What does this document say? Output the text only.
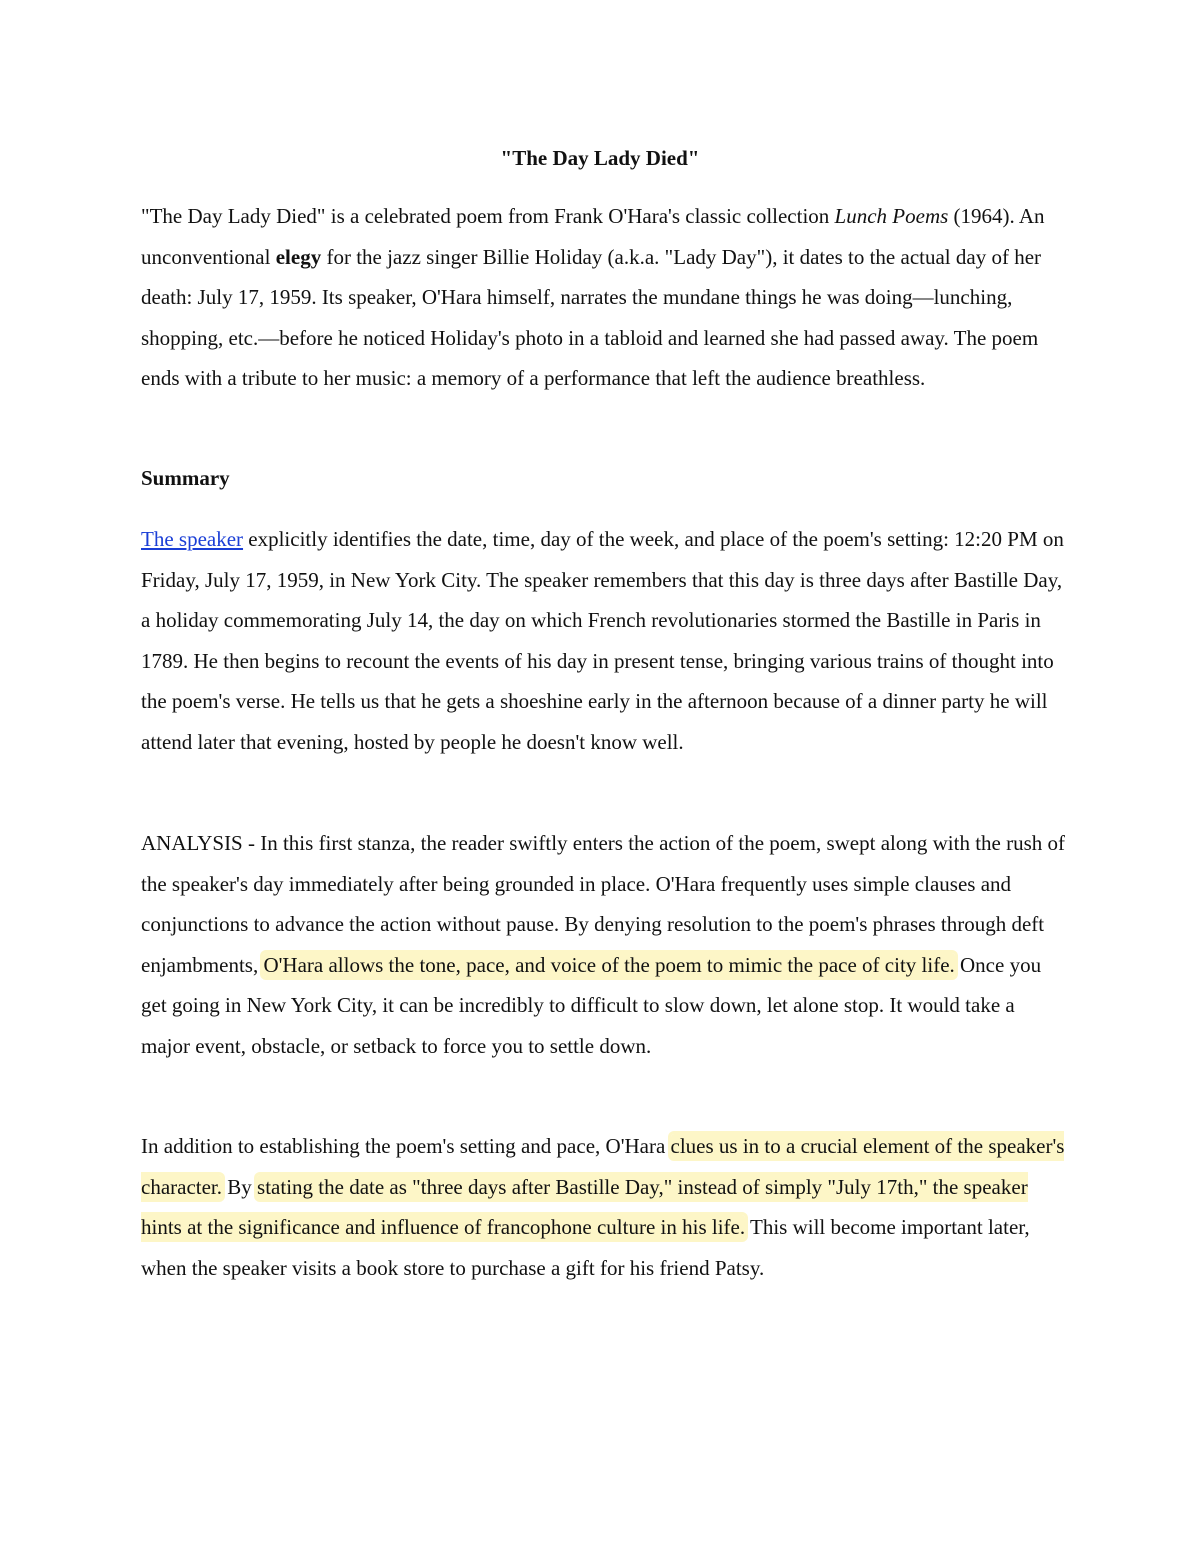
"The Day Lady Died"

"The Day Lady Died" is a celebrated poem from Frank O'Hara's classic collection Lunch Poems (1964). An unconventional elegy for the jazz singer Billie Holiday (a.k.a. "Lady Day"), it dates to the actual day of her death: July 17, 1959. Its speaker, O'Hara himself, narrates the mundane things he was doing—lunching, shopping, etc.—before he noticed Holiday's photo in a tabloid and learned she had passed away. The poem ends with a tribute to her music: a memory of a performance that left the audience breathless.

Summary

The speaker explicitly identifies the date, time, day of the week, and place of the poem's setting: 12:20 PM on Friday, July 17, 1959, in New York City. The speaker remembers that this day is three days after Bastille Day, a holiday commemorating July 14, the day on which French revolutionaries stormed the Bastille in Paris in 1789. He then begins to recount the events of his day in present tense, bringing various trains of thought into the poem's verse. He tells us that he gets a shoeshine early in the afternoon because of a dinner party he will attend later that evening, hosted by people he doesn't know well.

ANALYSIS - In this first stanza, the reader swiftly enters the action of the poem, swept along with the rush of the speaker's day immediately after being grounded in place. O'Hara frequently uses simple clauses and conjunctions to advance the action without pause. By denying resolution to the poem's phrases through deft enjambments, O'Hara allows the tone, pace, and voice of the poem to mimic the pace of city life. Once you get going in New York City, it can be incredibly to difficult to slow down, let alone stop. It would take a major event, obstacle, or setback to force you to settle down.

In addition to establishing the poem's setting and pace, O'Hara clues us in to a crucial element of the speaker's character. By stating the date as "three days after Bastille Day," instead of simply "July 17th," the speaker hints at the significance and influence of francophone culture in his life. This will become important later, when the speaker visits a book store to purchase a gift for his friend Patsy.
